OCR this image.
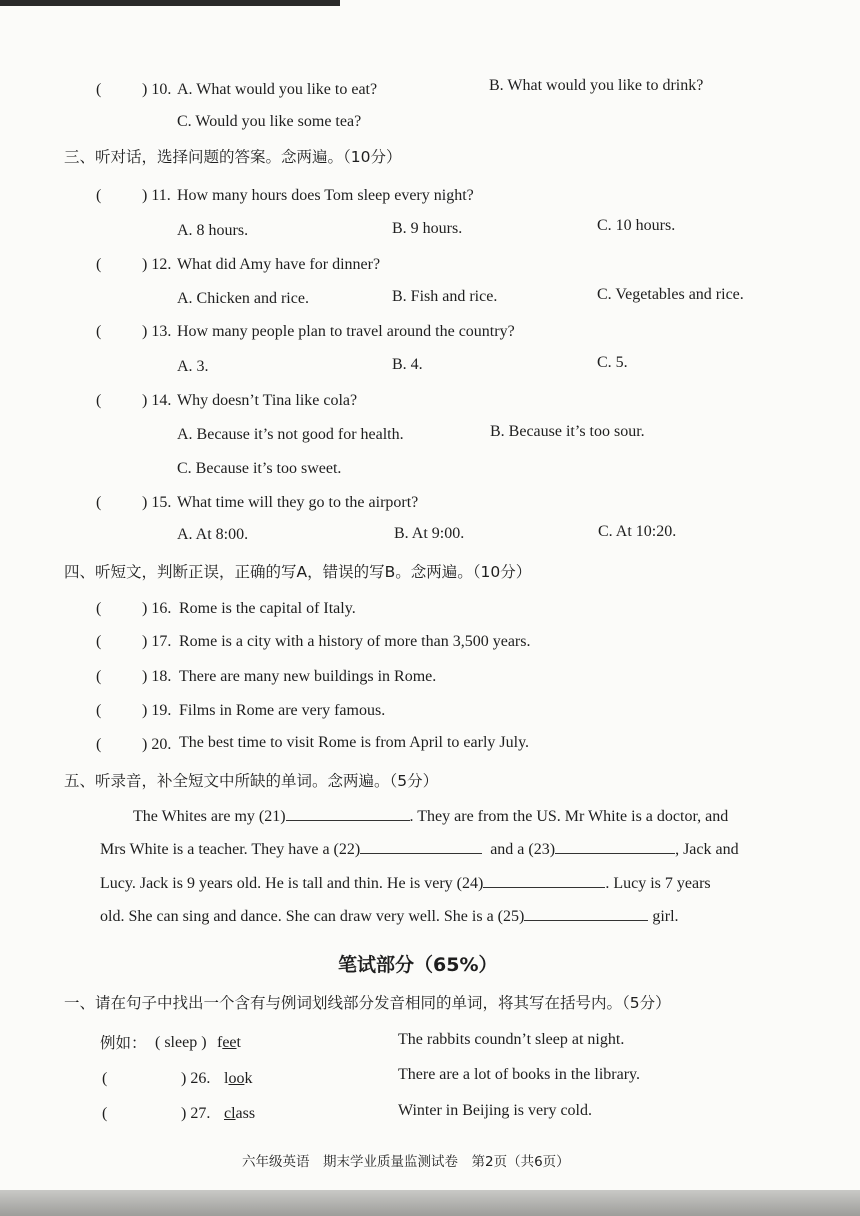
(	) 10. A. What would you like to eat?	B. What would you like to drink?
C. Would you like some tea?
三、听对话，选择问题的答案。念两遍。（10分）
(	) 11. How many hours does Tom sleep every night?
A. 8 hours.	B. 9 hours.	C. 10 hours.
(	) 12. What did Amy have for dinner?
A. Chicken and rice.	B. Fish and rice.	C. Vegetables and rice.
(	) 13. How many people plan to travel around the country?
A. 3.	B. 4.	C. 5.
(	) 14. Why doesn’t Tina like cola?
A. Because it’s not good for health.	B. Because it’s too sour.
C. Because it’s too sweet.
(	) 15. What time will they go to the airport?
A. At 8:00.	B. At 9:00.	C. At 10:20.
四、听短文，判断正误，正确的写A，错误的写B。念两遍。（10分）
(	) 16. Rome is the capital of Italy.
(	) 17. Rome is a city with a history of more than 3,500 years.
(	) 18. There are many new buildings in Rome.
(	) 19. Films in Rome are very famous.
(	) 20. The best time to visit Rome is from April to early July.
五、听录音，补全短文中所缺的单词。念两遍。（5分）
The Whites are my (21)	. They are from the US. Mr White is a doctor, and
Mrs White is a teacher. They have a (22)	and a (23)	, Jack and
Lucy. Jack is 9 years old. He is tall and thin. He is very (24)	. Lucy is 7 years
old. She can sing and dance. She can draw very well. She is a (25)	girl.
笔试部分（65%）
一、请在句子中找出一个含有与例词划线部分发音相同的单词，将其写在括号内。（5分）
例如： ( sleep ) feet	The rabbits coundn’t sleep at night.
(	) 26. look	There are a lot of books in the library.
(	) 27. class	Winter in Beijing is very cold.
六年级英语　期末学业质量监测试卷　第2页（共6页）
